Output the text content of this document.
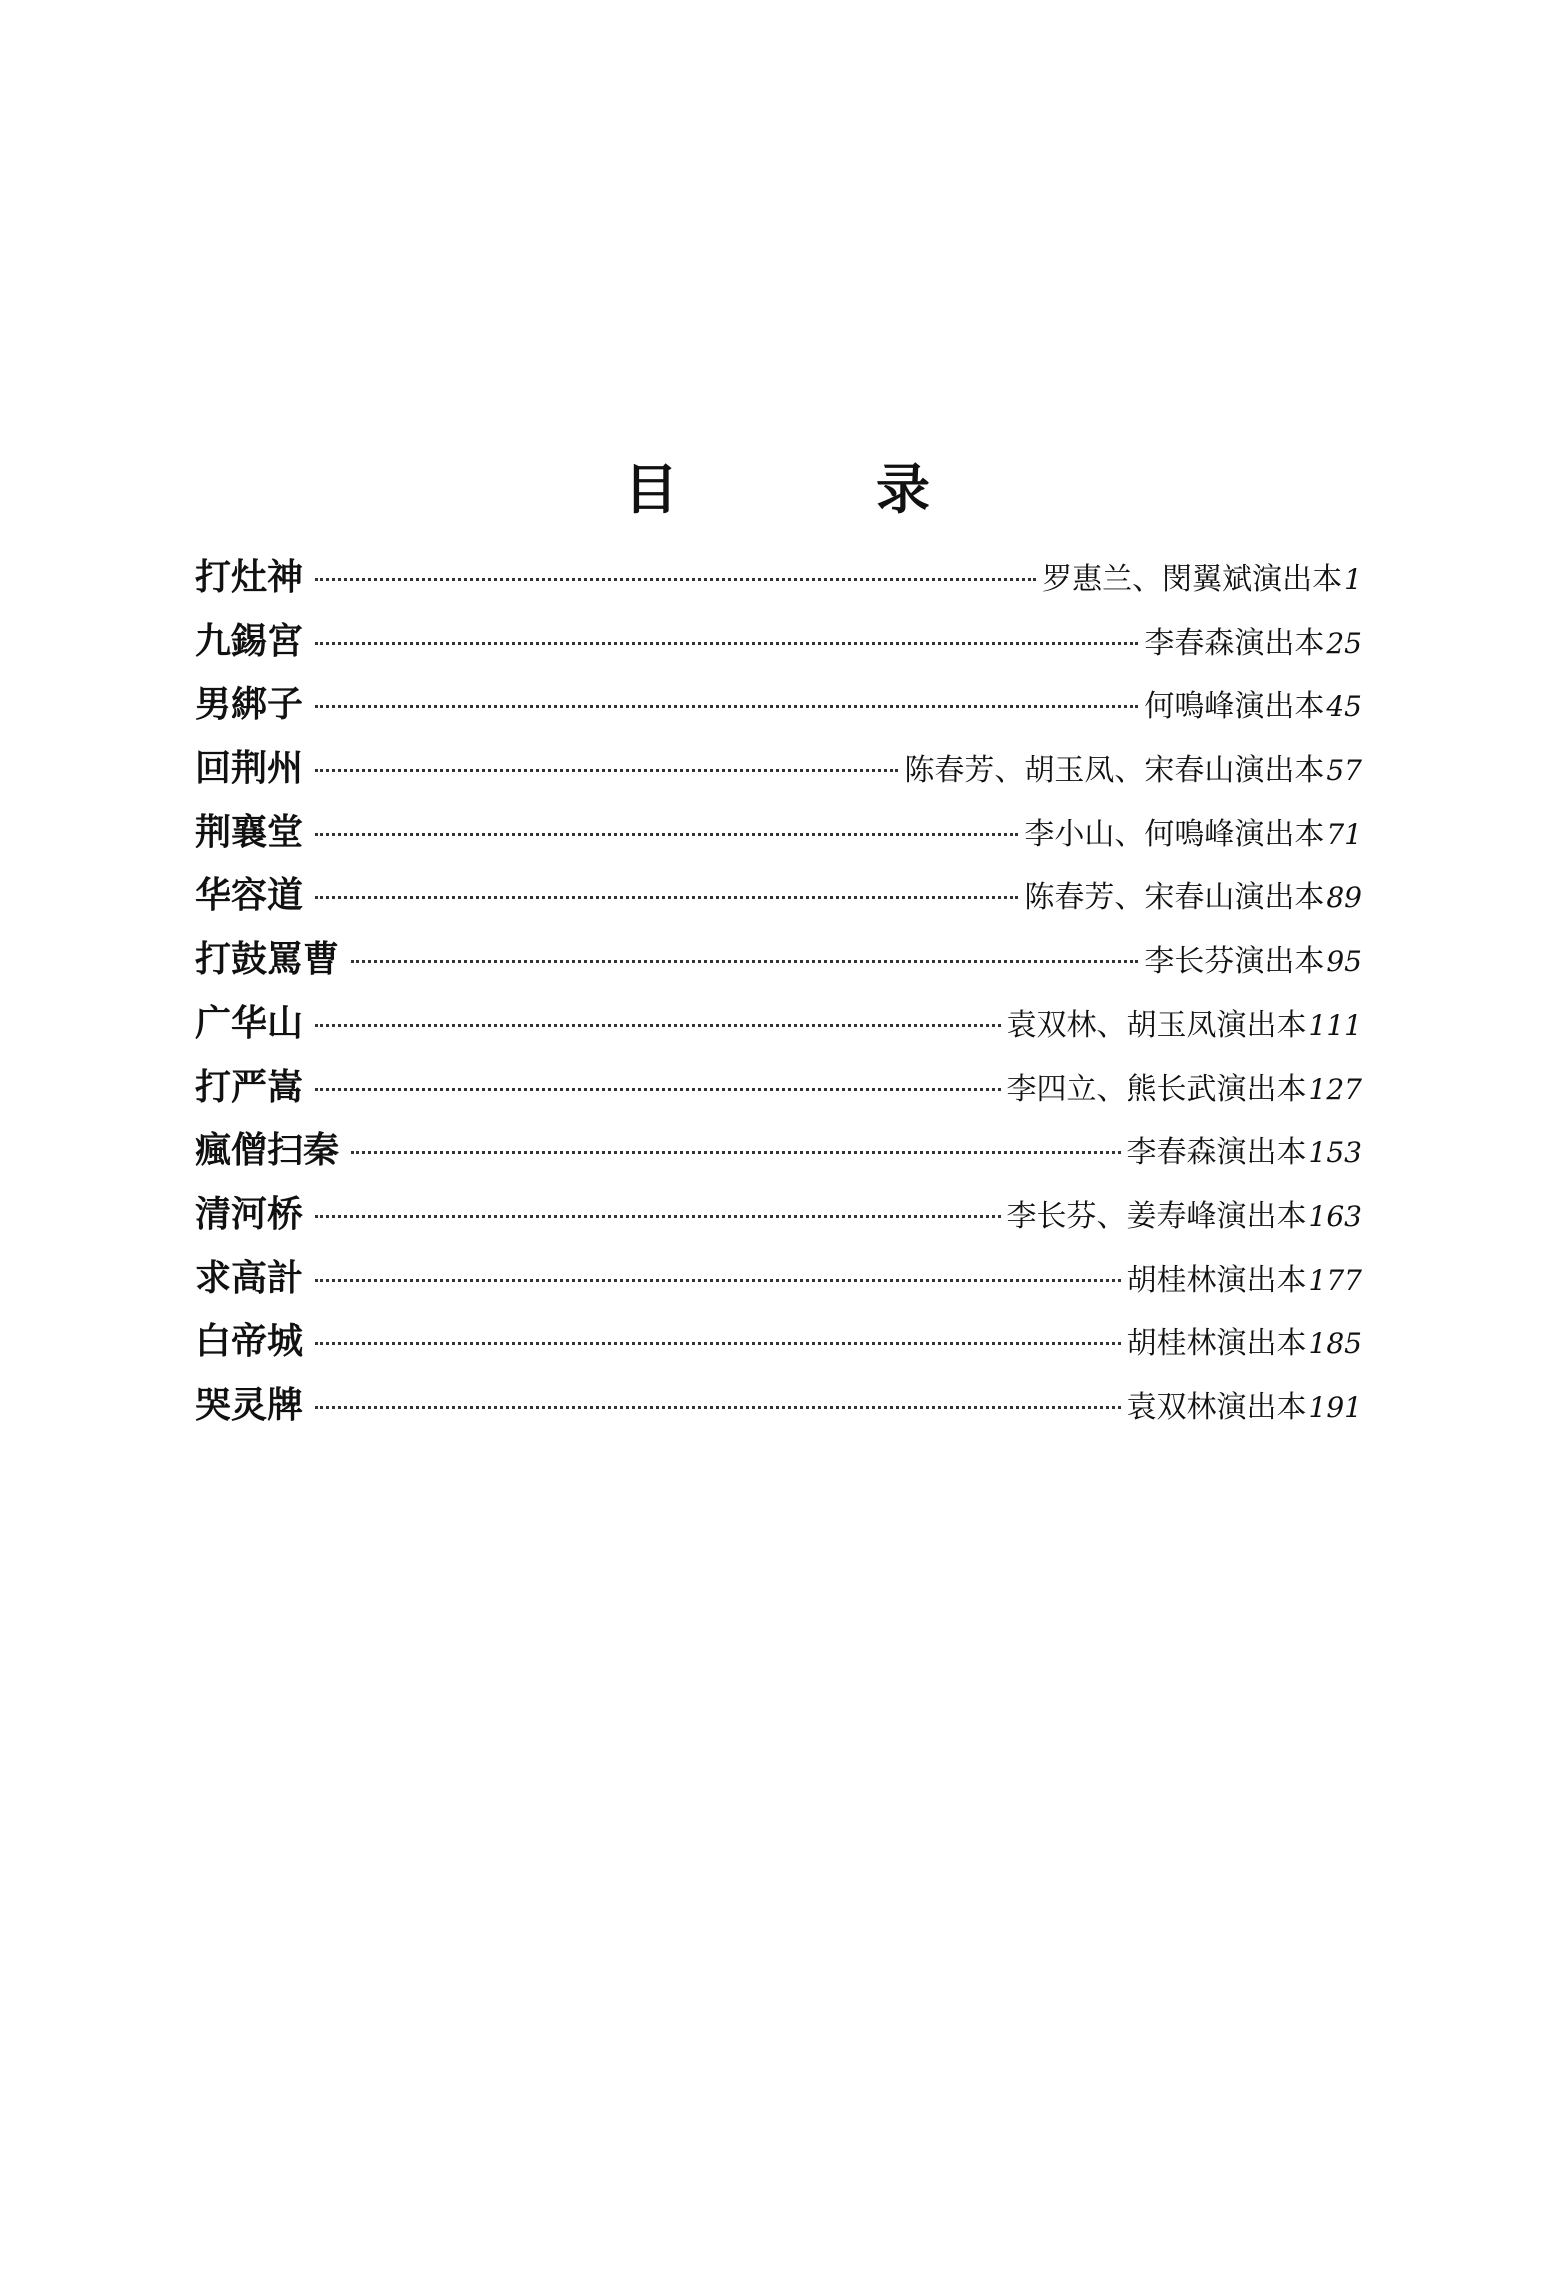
目　录
打灶神	罗惠兰、閔翼斌演出本 1
九錫宮	李春森演出本 25
男綁子	何鳴峰演出本 45
回荆州	陈春芳、胡玉凤、宋春山演出本 57
荆襄堂	李小山、何鳴峰演出本 71
华容道	陈春芳、宋春山演出本 89
打鼓罵曹	李长芬演出本 95
广华山	袁双林、胡玉凤演出本 111
打严嵩	李四立、熊长武演出本 127
瘋僧扫秦	李春森演出本 153
清河桥	李长芬、姜寿峰演出本 163
求高計	胡桂林演出本 177
白帝城	胡桂林演出本 185
哭灵牌	袁双林演出本 191
